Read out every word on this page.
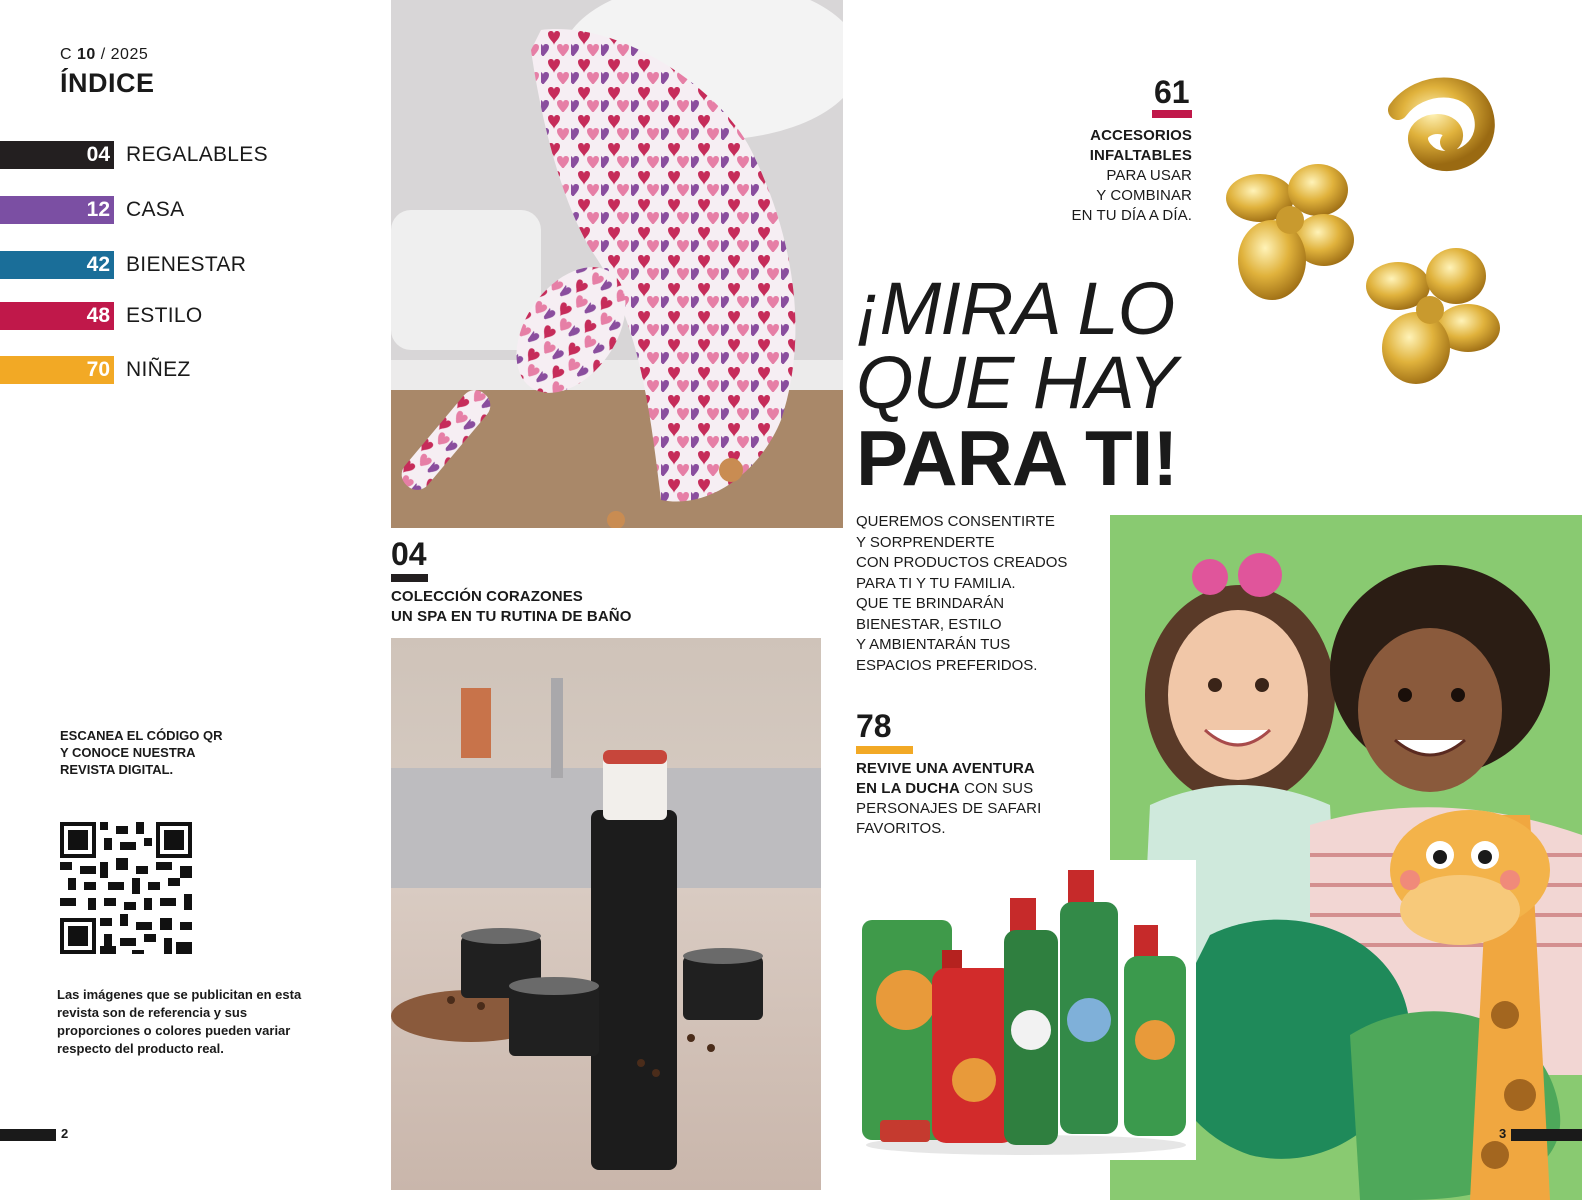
C 10 / 2025
ÍNDICE
04 REGALABLES
12 CASA
42 BIENESTAR
48 ESTILO
70 NIÑEZ
ESCANEA EL CÓDIGO QR Y CONOCE NUESTRA REVISTA DIGITAL.
Las imágenes que se publicitan en esta revista son de referencia y sus proporciones o colores pueden variar respecto del producto real.
2
04
COLECCIÓN CORAZONES
UN SPA EN TU RUTINA DE BAÑO
61
ACCESORIOS
INFALTABLES
PARA USAR
Y COMBINAR
EN TU DÍA A DÍA.
¡MIRA LO
QUE HAY
PARA TI!
QUEREMOS CONSENTIRTE
Y SORPRENDERTE
CON PRODUCTOS CREADOS
PARA TI Y TU FAMILIA.
QUE TE BRINDARÁN
BIENESTAR, ESTILO
Y AMBIENTARÁN TUS
ESPACIOS PREFERIDOS.
78
REVIVE UNA AVENTURA
EN LA DUCHA CON SUS
PERSONAJES DE SAFARI
FAVORITOS.
3
